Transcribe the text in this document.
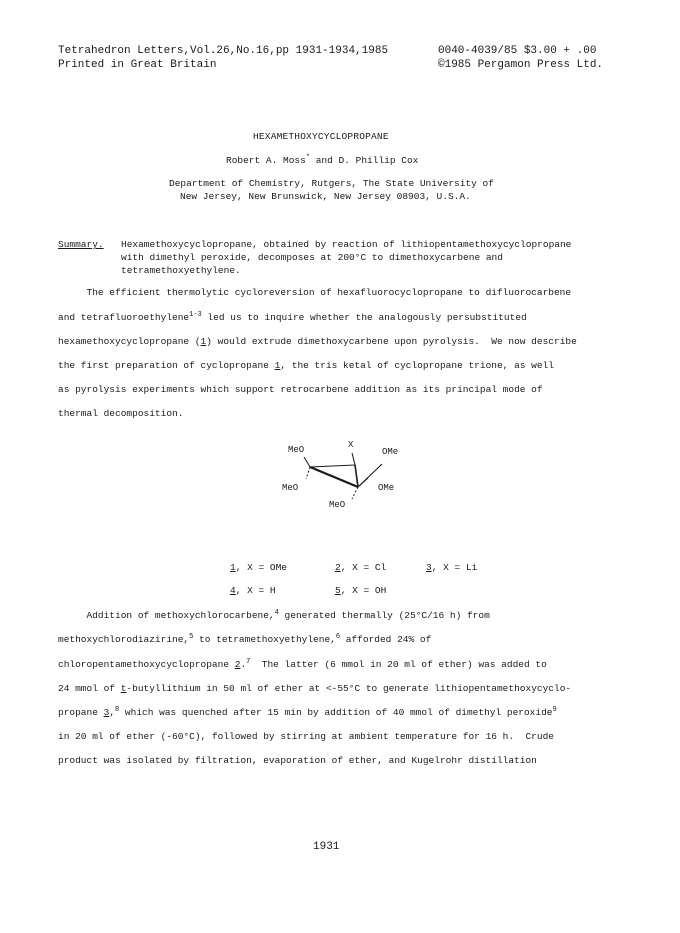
Tetrahedron Letters,Vol.26,No.16,pp 1931-1934,1985
Printed in Great Britain
0040-4039/85 $3.00 + .00
©1985 Pergamon Press Ltd.
HEXAMETHOXYCYCLOPROPANE
Robert A. Moss* and D. Phillip Cox
Department of Chemistry, Rutgers, The State University of
New Jersey, New Brunswick, New Jersey 08903, U.S.A.
Summary. Hexamethoxycyclopropane, obtained by reaction of lithiopentamethoxycyclopropane
with dimethyl peroxide, decomposes at 200°C to dimethoxycarbene and
tetramethoxyethylene.
The efficient thermolytic cycloreversion of hexafluorocyclopropane to difluorocarbene
and tetrafluoroethylene$^{1-3}$ led us to inquire whether the analogously persubstituted
hexamethoxycyclopropane (1) would extrude dimethoxycarbene upon pyrolysis.  We now describe
the first preparation of cyclopropane 1, the tris ketal of cyclopropane trione, as well
as pyrolysis experiments which support retrocarbene addition as its principal mode of
thermal decomposition.
MeO	X
OMe
MeO	OMe
MeO
1, X = OMe	2, X = Cl	3, X = Li
4, X = H	5, X = OH
Addition of methoxychlorocarbene,$^4$ generated thermally (25°C/16 h) from
methoxychlorodiazirine,$^5$ to tetramethoxyethylene,$^6$ afforded 24% of
chloropentamethoxycyclopropane 2.$^7$  The latter (6 mmol in 20 ml of ether) was added to
24 mmol of t-butyllithium in 50 ml of ether at <-55°C to generate lithiopentamethoxycyclo-
propane 3,$^8$ which was quenched after 15 min by addition of 40 mmol of dimethyl peroxide$^9$
in 20 ml of ether (-60°C), followed by stirring at ambient temperature for 16 h.  Crude
product was isolated by filtration, evaporation of ether, and Kugelrohr distillation
1931
